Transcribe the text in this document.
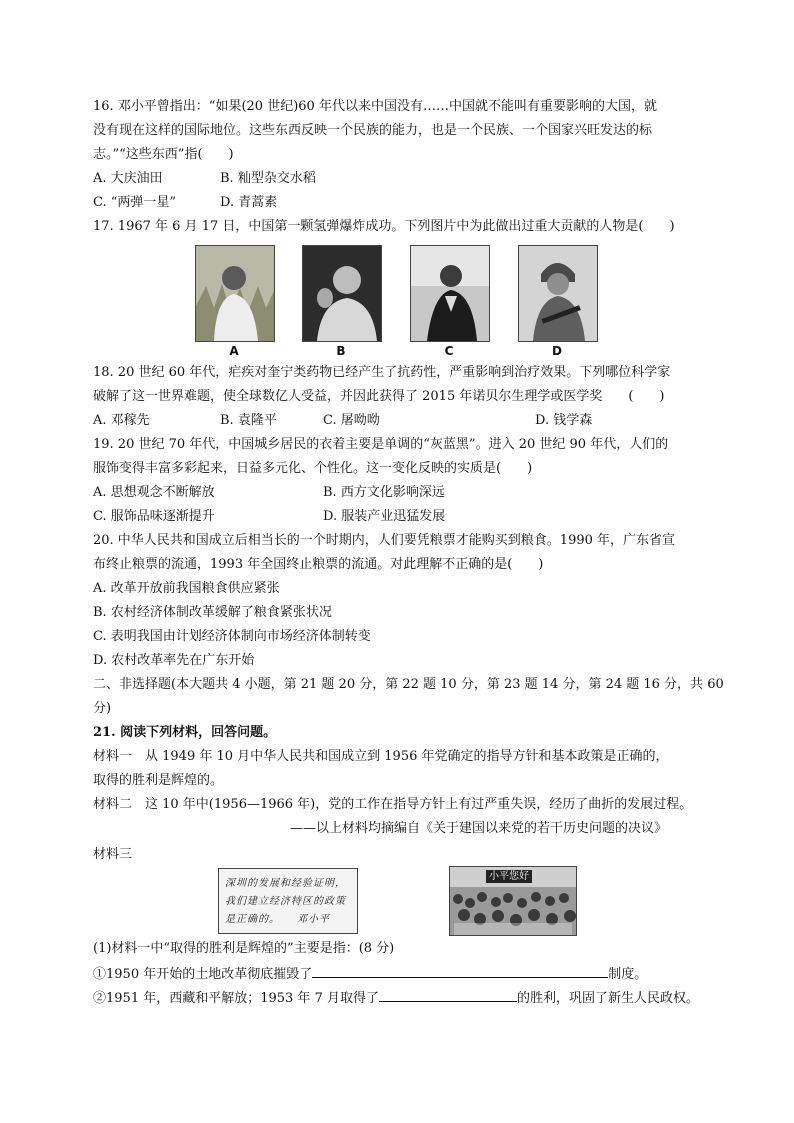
16. 邓小平曾指出：“如果(20 世纪)60 年代以来中国没有……中国就不能叫有重要影响的大国，就
没有现在这样的国际地位。这些东西反映一个民族的能力，也是一个民族、一个国家兴旺发达的标
志。”“这些东西”指(　　)
A. 大庆油田	B. 籼型杂交水稻
C. “两弹一星”	D. 青蒿素
17. 1967 年 6 月 17 日，中国第一颗氢弹爆炸成功。下列图片中为此做出过重大贡献的人物是(　　)
A	B	C	D
18. 20 世纪 60 年代，疟疾对奎宁类药物已经产生了抗药性，严重影响到治疗效果。下列哪位科学家
破解了这一世界难题，使全球数亿人受益，并因此获得了 2015 年诺贝尔生理学或医学奖　　(　　)
A. 邓稼先	B. 袁隆平	C. 屠呦呦	D. 钱学森
19. 20 世纪 70 年代，中国城乡居民的衣着主要是单调的“灰蓝黑”。进入 20 世纪 90 年代，人们的
服饰变得丰富多彩起来，日益多元化、个性化。这一变化反映的实质是(　　)
A. 思想观念不断解放	B. 西方文化影响深远
C. 服饰品味逐渐提升	D. 服装产业迅猛发展
20. 中华人民共和国成立后相当长的一个时期内，人们要凭粮票才能购买到粮食。1990 年，广东省宣
布终止粮票的流通，1993 年全国终止粮票的流通。对此理解不正确的是(　　)
A. 改革开放前我国粮食供应紧张
B. 农村经济体制改革缓解了粮食紧张状况
C. 表明我国由计划经济体制向市场经济体制转变
D. 农村改革率先在广东开始
二、非选择题(本大题共 4 小题，第 21 题 20 分，第 22 题 10 分，第 23 题 14 分，第 24 题 16 分，共 60
分)
21. 阅读下列材料，回答问题。
材料一　从 1949 年 10 月中华人民共和国成立到 1956 年党确定的指导方针和基本政策是正确的，
取得的胜利是辉煌的。
材料二　这 10 年中(1956—1966 年)，党的工作在指导方针上有过严重失误，经历了曲折的发展过程。
——以上材料均摘编自《关于建国以来党的若干历史问题的决议》
材料三
深圳的发展和经验证明，
我们建立经济特区的政策
是正确的。　　邓小平
小平您好
(1)材料一中“取得的胜利是辉煌的”主要是指：(8 分)
①1950 年开始的土地改革彻底摧毁了	制度。
②1951 年，西藏和平解放；1953 年 7 月取得了	的胜利，巩固了新生人民政权。
